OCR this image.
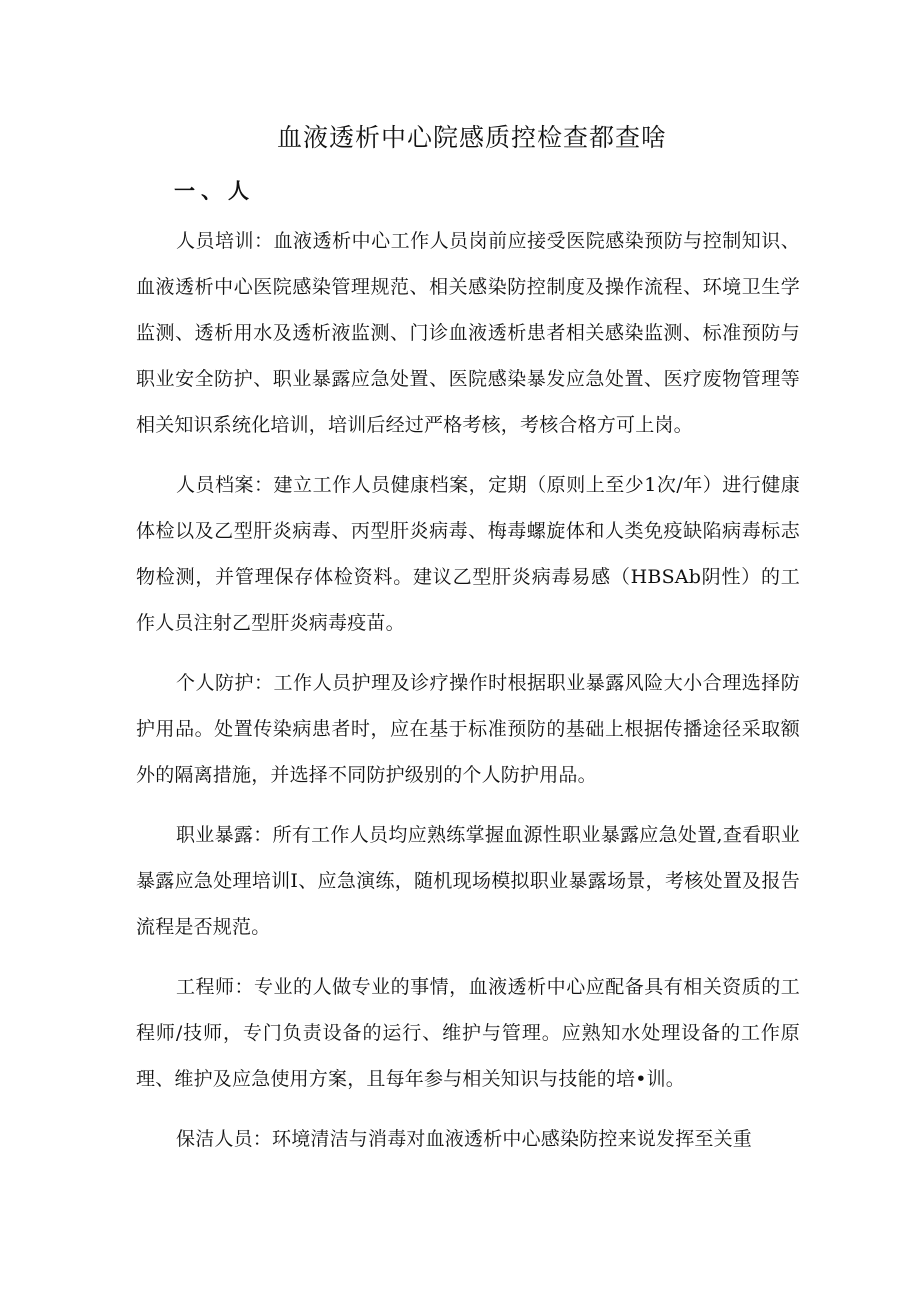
血液透析中心院感质控检查都查啥
一、人

人员培训：血液透析中心工作人员岗前应接受医院感染预防与控制知识、血液透析中心医院感染管理规范、相关感染防控制度及操作流程、环境卫生学监测、透析用水及透析液监测、门诊血液透析患者相关感染监测、标准预防与职业安全防护、职业暴露应急处置、医院感染暴发应急处置、医疗废物管理等相关知识系统化培训，培训后经过严格考核，考核合格方可上岗。

人员档案：建立工作人员健康档案，定期（原则上至少1次/年）进行健康体检以及乙型肝炎病毒、丙型肝炎病毒、梅毒螺旋体和人类免疫缺陷病毒标志物检测，并管理保存体检资料。建议乙型肝炎病毒易感（HBSAb阴性）的工作人员注射乙型肝炎病毒疫苗。

个人防护：工作人员护理及诊疗操作时根据职业暴露风险大小合理选择防护用品。处置传染病患者时，应在基于标准预防的基础上根据传播途径采取额外的隔离措施，并选择不同防护级别的个人防护用品。

职业暴露：所有工作人员均应熟练掌握血源性职业暴露应急处置,查看职业暴露应急处理培训I、应急演练，随机现场模拟职业暴露场景，考核处置及报告流程是否规范。

工程师：专业的人做专业的事情，血液透析中心应配备具有相关资质的工程师/技师，专门负责设备的运行、维护与管理。应熟知水处理设备的工作原理、维护及应急使用方案，且每年参与相关知识与技能的培•训。

保洁人员：环境清洁与消毒对血液透析中心感染防控来说发挥至关重
